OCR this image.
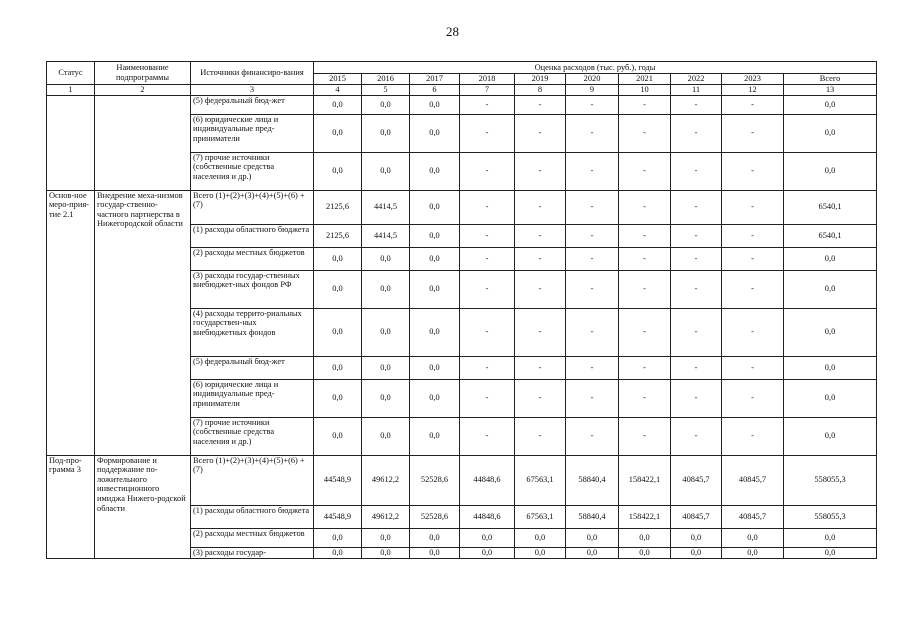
28
Статус	Наименование подпрограммы	Источники финансиро-вания	Оценка расходов (тыс. руб.), годы									
			2015	2016	2017	2018	2019	2020	2021	2022	2023	Всего
1	2	3	4	5	6	7	8	9	10	11	12	13
		(5) федеральный бюд-жет	0,0	0,0	0,0	-	-	-	-	-	-	0,0
		(6) юридические лица и индивидуальные пред-приниматели	0,0	0,0	0,0	-	-	-	-	-	-	0,0
		(7) прочие источники (собственные средства населения и др.)	0,0	0,0	0,0	-	-	-	-	-	-	0,0
Основ-ное меро-прия-тие 2.1	Внедрение меха-низмов государ-ственно-частного партнерства в Нижегородской области	Всего (1)+(2)+(3)+(4)+(5)+(6) +(7)	2125,6	4414,5	0,0	-	-	-	-	-	-	6540,1
		(1) расходы областного бюджета	2125,6	4414,5	0,0	-	-	-	-	-	-	6540,1
		(2) расходы местных бюджетов	0,0	0,0	0,0	-	-	-	-	-	-	0,0
		(3) расходы государ-ственных внебюджет-ных фондов РФ	0,0	0,0	0,0	-	-	-	-	-	-	0,0
		(4) расходы террито-риальных государствен-ных внебюджетных фондов	0,0	0,0	0,0	-	-	-	-	-	-	0,0
		(5) федеральный бюд-жет	0,0	0,0	0,0	-	-	-	-	-	-	0,0
		(6) юридические лица и индивидуальные пред-приниматели	0,0	0,0	0,0	-	-	-	-	-	-	0,0
		(7) прочие источники (собственные средства населения и др.)	0,0	0,0	0,0	-	-	-	-	-	-	0,0
Под-про-грамма 3	Формирование и поддержание по-ложительного инвестиционного имиджа Нижего-родской области	Всего (1)+(2)+(3)+(4)+(5)+(6) +(7)	44548,9	49612,2	52528,6	44848,6	67563,1	58840,4	158422,1	40845,7	40845,7	558055,3
		(1) расходы областного бюджета	44548,9	49612,2	52528,6	44848,6	67563,1	58840,4	158422,1	40845,7	40845,7	558055,3
		(2) расходы местных бюджетов	0,0	0,0	0,0	0,0	0,0	0,0	0,0	0,0	0,0	0,0
		(3) расходы государ-	0,0	0,0	0,0	0,0	0,0	0,0	0,0	0,0	0,0	0,0
